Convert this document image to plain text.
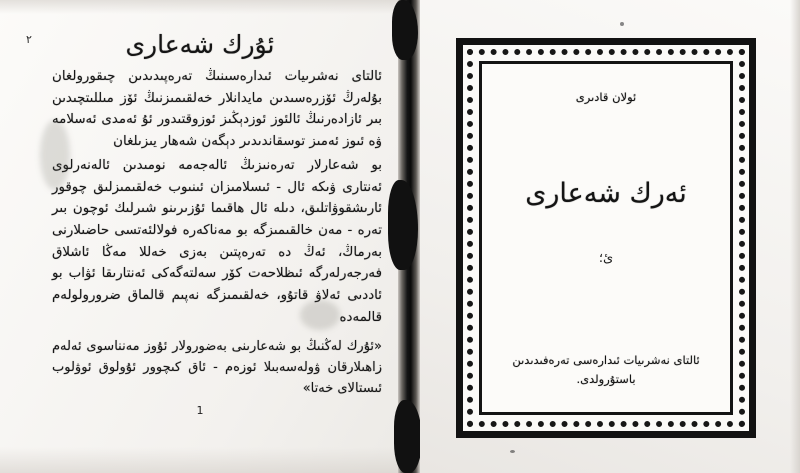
٢	ئۇرك شەعارى

ئالتاى نەشرىيات ئىدارەسىنىڭ تەرەپىدىدىن چىقورولغان بۇلەرڭ ئۆزرەسىدىن مايدانلار خەلقىمىزنىڭ ئۆز مىللىتچىدىن بىر ئازادەرنىڭ ئالئوز ئوزدېڭىز ئوزوقتىدور ئۇ ئەمدى ئەسلامە ۋە ئىوز ئەمىز توسقاندىدىر دېگەن شەھار يىزىلغان

بو شەعارلار تەرەنىزىڭ ئالەجەمە نومىدىن ئالەنەرلوى ئەنتارى ۋىكە ئال - ئىسلامىزان ئىنىوب خەلقىمىزلىق چوقور ئارىشقوۋاتلىق، دىلە ئال ھاقىما ئۇزىرىنو شىرلىك ئوچون بىر تەرە - مەن خالقىمىزگە بو مەناكەرە فولالئەتسى حاضىلارنى بەرماڭ، ئەڭ دە تەرەپتىن بەزى خەللا مەڭا ئاشلاق فەرجەرلەرگە ئىظلاحەت كۆر سەلتەگەكى ئەنتارىقا ئۋاب بو ئاددىى ئەلاۋ قاتۇو، خەلقىمىزگە نەپىم قالماق ضرورولولەم قالمەدە

«ئۇرك لەڭنىڭ بو شەعارىنى بەضورولار ئۇوز مەنناسوى ئەلەم زاھىلارقان ۋولەسەبىلا ئوزەم - ئاق كىچوور ئۇولوق ئوۋلوب ئىستالاى خەتا»
1
ئولان قادىرى
ئەرك شەعارى
ئ؛
ئالتاى نەشرىيات ئىدارەسى تەرەفىدىدىن
باستۇرولدى.
